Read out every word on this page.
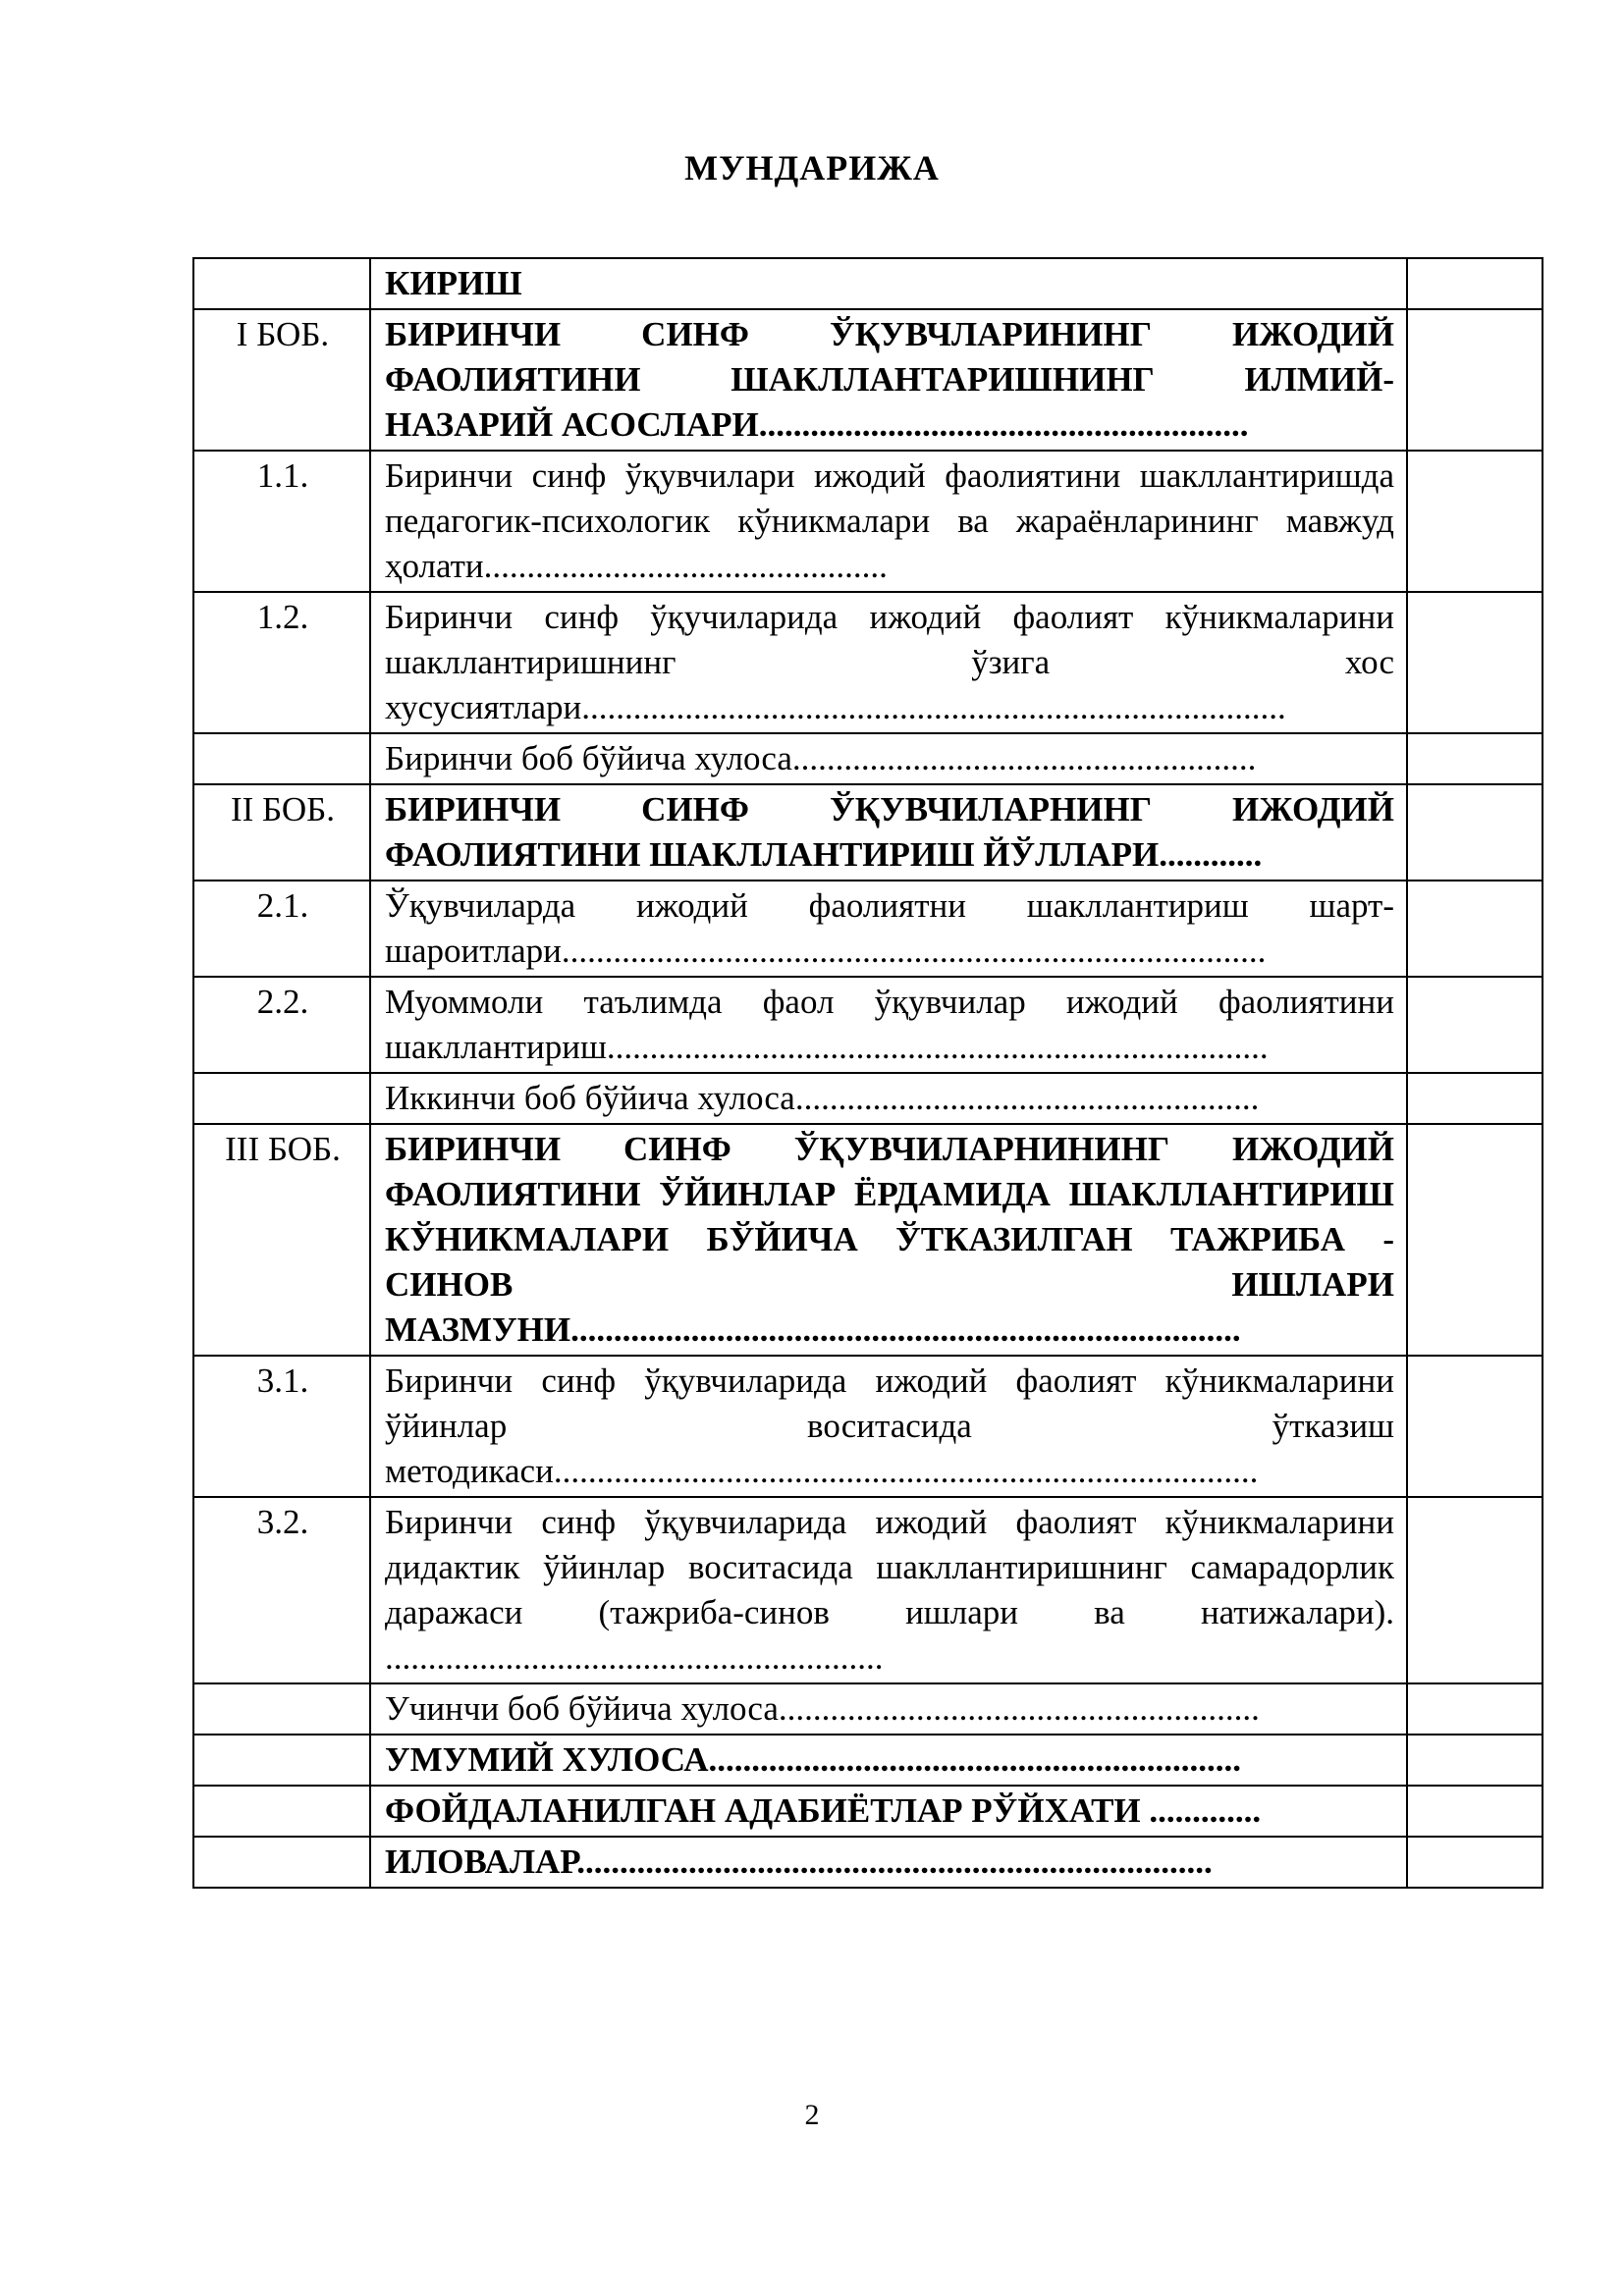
МУНДАРИЖА
	КИРИШ	
I БОБ.	БИРИНЧИ СИНФ ЎҚУВЧЛАРИНИНГ ИЖОДИЙ ФАОЛИЯТИНИ ШАКЛЛАНТАРИШНИНГ ИЛМИЙ-НАЗАРИЙ АСОСЛАРИ.........................................................	
1.1.	Биринчи синф ўқувчилари ижодий фаолиятини шакллантиришда педагогик-психологик кўникмалари ва жараёнларининг мавжуд ҳолати...............................................	
1.2.	Биринчи синф ўқучиларида ижодий фаолият кўникмаларини шакллантиришнинг ўзига хос хусусиятлари..................................................................................	
	Биринчи боб бўйича хулоса......................................................	
II БОБ.	БИРИНЧИ СИНФ ЎҚУВЧИЛАРНИНГ ИЖОДИЙ ФАОЛИЯТИНИ ШАКЛЛАНТИРИШ ЙЎЛЛАРИ............	
2.1.	Ўқувчиларда ижодий фаолиятни шакллантириш шарт-шароитлари..................................................................................	
2.2.	Муоммоли таълимда фаол ўқувчилар ижодий фаолиятини шакллантириш.............................................................................	
	Иккинчи боб бўйича хулоса......................................................	
III БОБ.	БИРИНЧИ СИНФ ЎҚУВЧИЛАРНИНИНГ ИЖОДИЙ ФАОЛИЯТИНИ ЎЙИНЛАР ЁРДАМИДА ШАКЛЛАНТИРИШ КЎНИКМАЛАРИ БЎЙИЧА ЎТКАЗИЛГАН ТАЖРИБА - СИНОВ ИШЛАРИ МАЗМУНИ..............................................................................	
3.1.	Биринчи синф ўқувчиларида ижодий фаолият кўникмаларини ўйинлар воситасида ўтказиш методикаси..................................................................................	
3.2.	Биринчи синф ўқувчиларида ижодий фаолият кўникмаларини дидактик ўйинлар воситасида шакллантиришнинг самарадорлик даражаси (тажриба-синов ишлари ва натижалари). ..........................................................	
	Учинчи боб бўйича хулоса........................................................	
	УМУМИЙ ХУЛОСА..............................................................	
	ФОЙДАЛАНИЛГАН АДАБИЁТЛАР РЎЙХАТИ .............	
	ИЛОВАЛАР..........................................................................	
2
